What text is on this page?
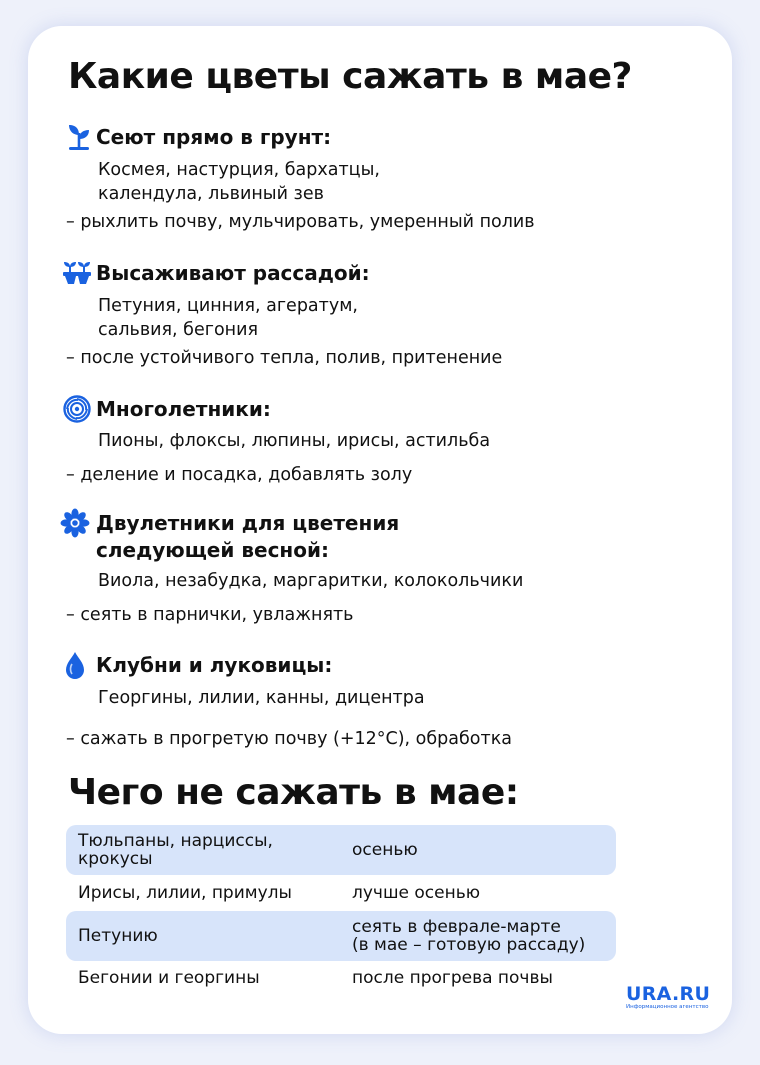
Какие цветы сажать в мае?
Сеют прямо в грунт:
Космея, настурция, бархатцы,
календула, львиный зев
– рыхлить почву, мульчировать, умеренный полив
Высаживают рассадой:
Петуния, цинния, агератум,
сальвия, бегония
– после устойчивого тепла, полив, притенение
Многолетники:
Пионы, флоксы, люпины, ирисы, астильба
– деление и посадка, добавлять золу
Двулетники для цветения
следующей весной:
Виола, незабудка, маргаритки, колокольчики
– сеять в парнички, увлажнять
Клубни и луковицы:
Георгины, лилии, канны, дицентра
– сажать в прогретую почву (+12°C), обработка
Чего не сажать в мае:
Тюльпаны, нарциссы,
крокусы	осенью
Ирисы, лилии, примулы	лучше осенью
Петунию	сеять в феврале-марте
(в мае – готовую рассаду)
Бегонии и георгины	после прогрева почвы
URA.RU
Информационное агентство
